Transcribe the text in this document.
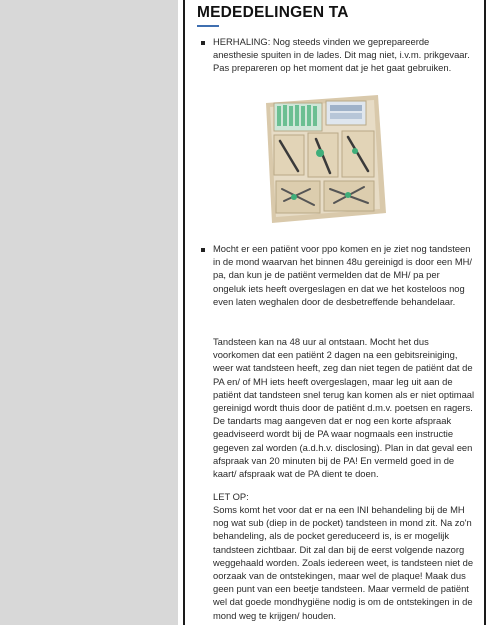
MEDEDELINGEN TA

HERHALING: Nog steeds vinden we geprepareerde anesthesie spuiten in de lades. Dit mag niet, i.v.m. prikgevaar. Pas prepareren op het moment dat je het gaat gebruiken.

Mocht er een patiënt voor ppo komen en je ziet nog tandsteen in de mond waarvan het binnen 48u gereinigd is door een MH/ pa, dan kun je de patiënt vermelden dat de MH/ pa per ongeluk iets heeft overgeslagen en dat we het kosteloos nog even laten weghalen door de desbetreffende behandelaar.

Tandsteen kan na 48 uur al ontstaan. Mocht het dus voorkomen dat een patiënt 2 dagen na een gebitsreiniging, weer wat tandsteen heeft, zeg dan niet tegen de patiënt dat de PA en/ of MH iets heeft overgeslagen, maar leg uit aan de patiënt dat tandsteen snel terug kan komen als er niet optimaal gereinigd wordt thuis door de patiënt d.m.v. poetsen en ragers. De tandarts mag aangeven dat er nog een korte afspraak geadviseerd wordt bij de PA waar nogmaals een instructie gegeven zal worden (a.d.h.v. disclosing). Plan in dat geval een afspraak van 20 minuten bij de PA! En vermeld goed in de kaart/ afspraak wat de PA dient te doen.

LET OP:

Soms komt het voor dat er na een INI behandeling bij de MH nog wat sub (diep in de pocket) tandsteen in mond zit. Na zo'n behandeling, als de pocket gereduceerd is, is er mogelijk tandsteen zichtbaar. Dit zal dan bij de eerst volgende nazorg weggehaald worden. Zoals iedereen weet, is tandsteen niet de oorzaak van de ontstekingen, maar wel de plaque! Maak dus geen punt van een beetje tandsteen. Maar vermeld de patiënt wel dat goede mondhygiëne nodig is om de ontstekingen in de mond weg te krijgen/ houden.
